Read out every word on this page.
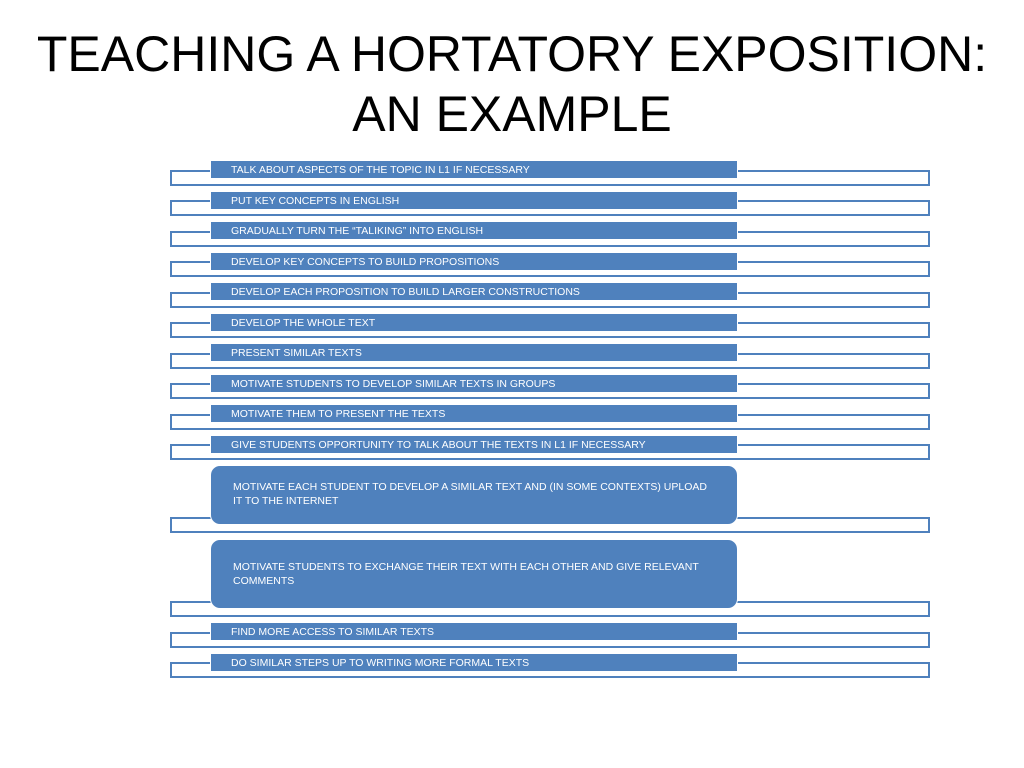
TEACHING A HORTATORY EXPOSITION:
AN EXAMPLE
TALK ABOUT ASPECTS OF THE TOPIC IN L1 IF NECESSARY
PUT KEY CONCEPTS IN ENGLISH
GRADUALLY TURN THE “TALIKING” INTO ENGLISH
DEVELOP KEY CONCEPTS TO BUILD PROPOSITIONS
DEVELOP EACH PROPOSITION TO BUILD LARGER CONSTRUCTIONS
DEVELOP THE WHOLE TEXT
PRESENT SIMILAR TEXTS
MOTIVATE STUDENTS TO DEVELOP SIMILAR TEXTS IN GROUPS
MOTIVATE THEM TO PRESENT THE TEXTS
GIVE STUDENTS OPPORTUNITY TO TALK ABOUT THE TEXTS IN L1 IF NECESSARY
MOTIVATE EACH STUDENT TO DEVELOP A SIMILAR TEXT AND (IN SOME CONTEXTS) UPLOAD IT TO THE INTERNET
MOTIVATE STUDENTS TO EXCHANGE THEIR TEXT WITH EACH OTHER AND GIVE RELEVANT COMMENTS
FIND MORE ACCESS TO SIMILAR TEXTS
DO SIMILAR STEPS UP TO WRITING MORE FORMAL TEXTS
